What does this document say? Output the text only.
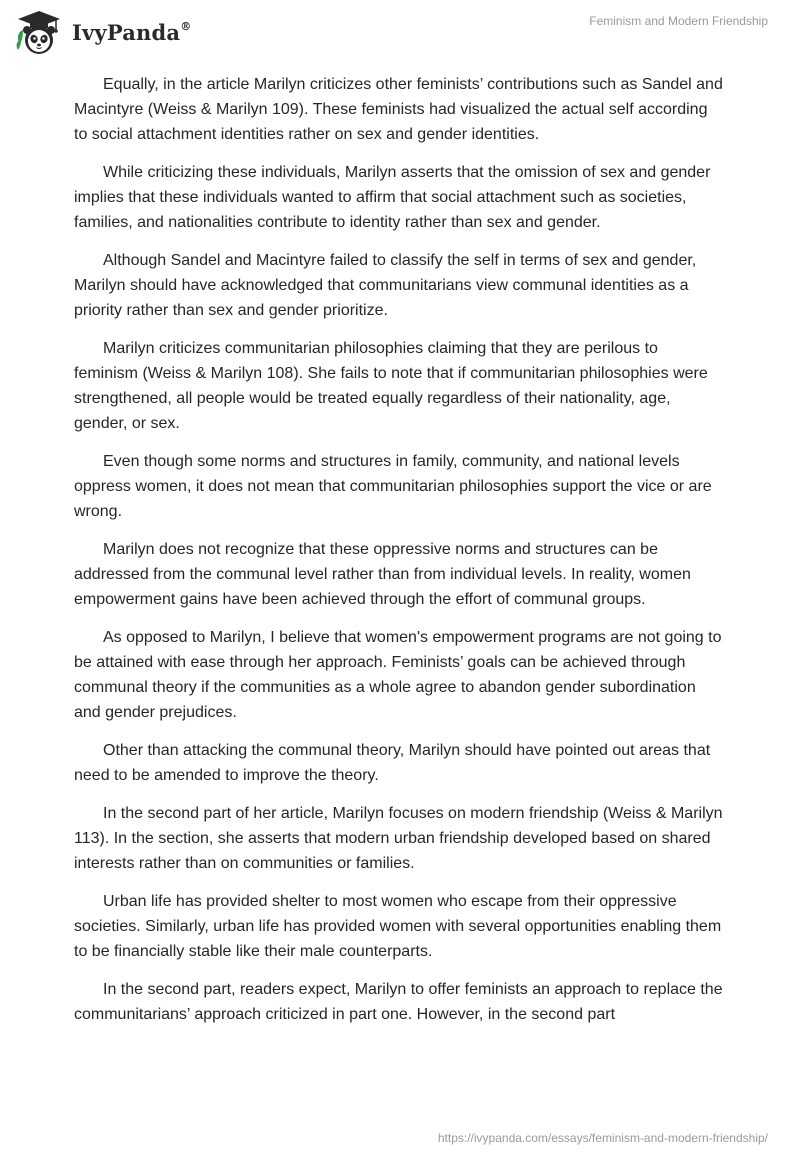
IvyPanda®	Feminism and Modern Friendship

Equally, in the article Marilyn criticizes other feminists’ contributions such as Sandel and Macintyre (Weiss & Marilyn 109). These feminists had visualized the actual self according to social attachment identities rather on sex and gender identities.

While criticizing these individuals, Marilyn asserts that the omission of sex and gender implies that these individuals wanted to affirm that social attachment such as societies, families, and nationalities contribute to identity rather than sex and gender.

Although Sandel and Macintyre failed to classify the self in terms of sex and gender, Marilyn should have acknowledged that communitarians view communal identities as a priority rather than sex and gender prioritize.

Marilyn criticizes communitarian philosophies claiming that they are perilous to feminism (Weiss & Marilyn 108). She fails to note that if communitarian philosophies were strengthened, all people would be treated equally regardless of their nationality, age, gender, or sex.

Even though some norms and structures in family, community, and national levels oppress women, it does not mean that communitarian philosophies support the vice or are wrong.

Marilyn does not recognize that these oppressive norms and structures can be addressed from the communal level rather than from individual levels. In reality, women empowerment gains have been achieved through the effort of communal groups.

As opposed to Marilyn, I believe that women's empowerment programs are not going to be attained with ease through her approach. Feminists’ goals can be achieved through communal theory if the communities as a whole agree to abandon gender subordination and gender prejudices.

Other than attacking the communal theory, Marilyn should have pointed out areas that need to be amended to improve the theory.

In the second part of her article, Marilyn focuses on modern friendship (Weiss & Marilyn 113). In the section, she asserts that modern urban friendship developed based on shared interests rather than on communities or families.

Urban life has provided shelter to most women who escape from their oppressive societies. Similarly, urban life has provided women with several opportunities enabling them to be financially stable like their male counterparts.

In the second part, readers expect, Marilyn to offer feminists an approach to replace the communitarians’ approach criticized in part one. However, in the second part

https://ivypanda.com/essays/feminism-and-modern-friendship/
